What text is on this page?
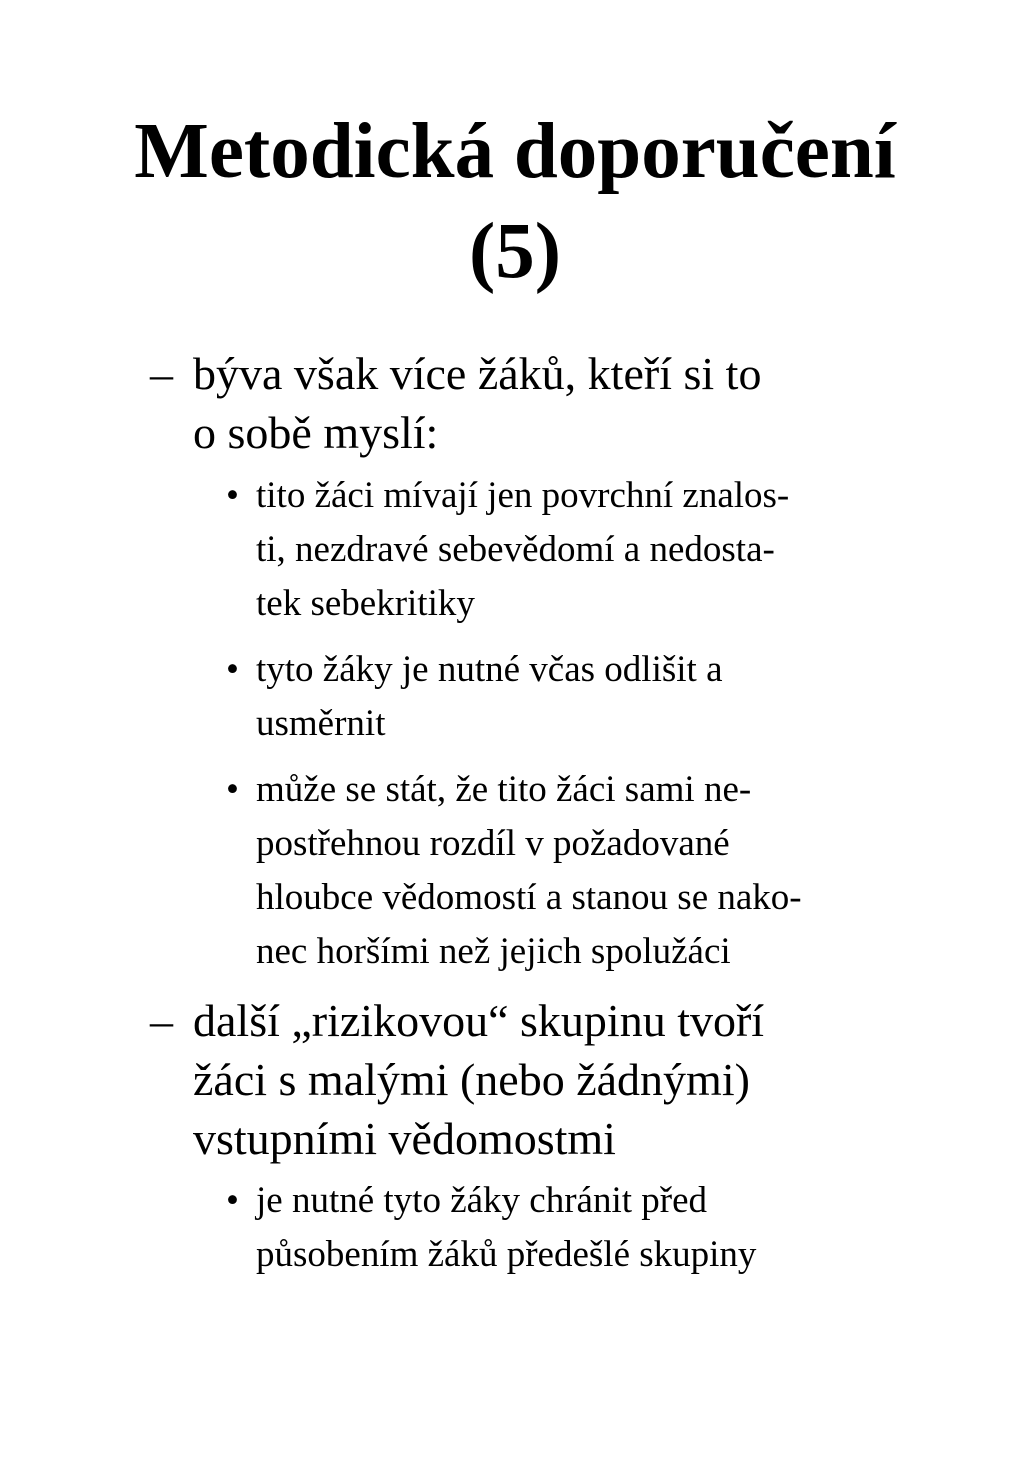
Metodická doporučení
(5)
– býva však více žáků, kteří si to
o sobě myslí:
• tito žáci mívají jen povrchní znalos-
ti, nezdravé sebevědomí a nedosta-
tek sebekritiky
• tyto žáky je nutné včas odlišit a
usměrnit
• může se stát, že tito žáci sami ne-
postřehnou rozdíl v požadované
hloubce vědomostí a stanou se nako-
nec horšími než jejich spolužáci
– další „rizikovou“ skupinu tvoří
žáci s malými (nebo žádnými)
vstupními vědomostmi
• je nutné tyto žáky chránit před
působením žáků předešlé skupiny
